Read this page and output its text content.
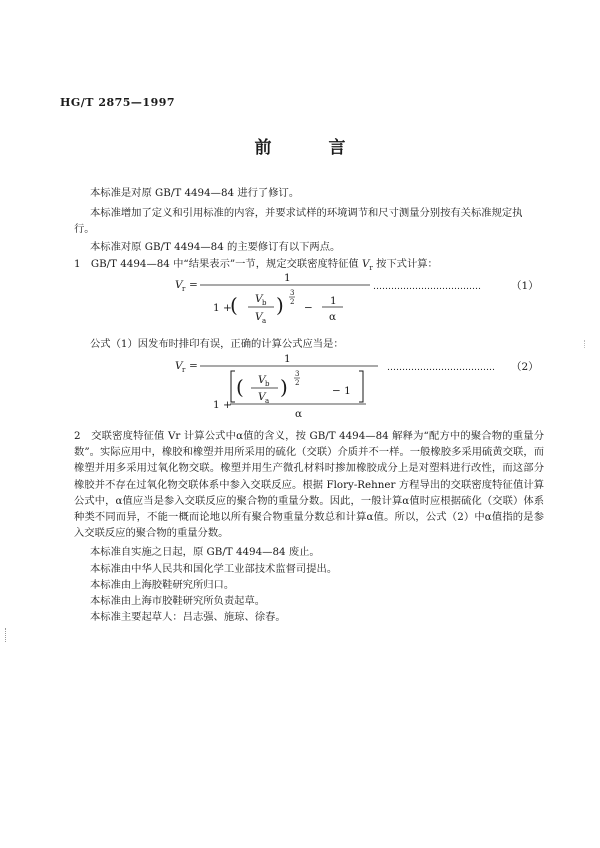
HG/T 2875—1997
前　言
本标准是对原 GB/T 4494—84 进行了修订。
本标准增加了定义和引用标准的内容，并要求试样的环境调节和尺寸测量分别按有关标准规定执
行。
本标准对原 GB/T 4494—84 的主要修订有以下两点。
1　GB/T 4494—84 中“结果表示”一节，规定交联密度特征值 $V_r$ 按下式计算：
V r =
1
1 +
( V b
V a
) 3
2 −
1
α
………………………………	（1）
公式（1）因发布时排印有误，正确的计算公式应当是：
V r =
1
1 +
( V b
V a
)
3
2
− 1
α
……………………………… （2）
2　交联密度特征值 Vr 计算公式中α值的含义，按 GB/T 4494—84 解释为“配方中的聚合物的重量分数”。实际应用中，橡胶和橡塑并用所采用的硫化（交联）介质并不一样。一般橡胶多采用硫黄交联，而橡塑并用多采用过氧化物交联。橡塑并用生产微孔材料时掺加橡胶成分上是对塑料进行改性，而这部分橡胶并不存在过氧化物交联体系中参入交联反应。根据 Flory-Rehner 方程导出的交联密度特征值计算公式中，α值应当是参入交联反应的聚合物的重量分数。因此，一般计算α值时应根据硫化（交联）体系种类不同而异，不能一概而论地以所有聚合物重量分数总和计算α值。所以，公式（2）中α值指的是参入交联反应的聚合物的重量分数。
本标准自实施之日起，原 GB/T 4494—84 废止。
本标准由中华人民共和国化学工业部技术监督司提出。
本标准由上海胶鞋研究所归口。
本标准由上海市胶鞋研究所负责起草。
本标准主要起草人：吕志强、施琼、徐春。
